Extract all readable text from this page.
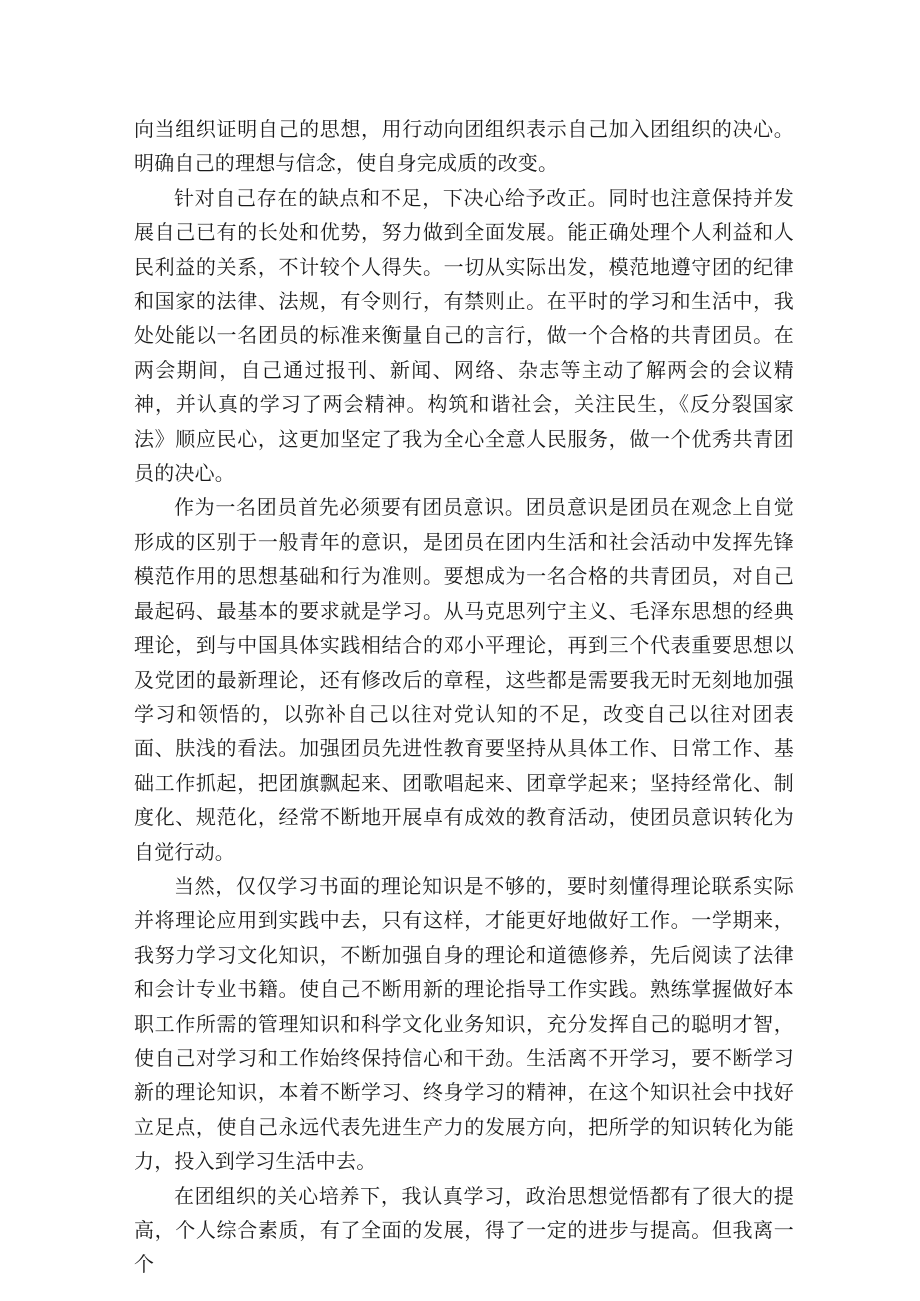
向当组织证明自己的思想，用行动向团组织表示自己加入团组织的决心。明确自己的理想与信念，使自身完成质的改变。

针对自己存在的缺点和不足，下决心给予改正。同时也注意保持并发展自己已有的长处和优势，努力做到全面发展。能正确处理个人利益和人民利益的关系，不计较个人得失。一切从实际出发，模范地遵守团的纪律和国家的法律、法规，有令则行，有禁则止。在平时的学习和生活中，我处处能以一名团员的标准来衡量自己的言行，做一个合格的共青团员。在两会期间，自己通过报刊、新闻、网络、杂志等主动了解两会的会议精神，并认真的学习了两会精神。构筑和谐社会，关注民生，《反分裂国家法》顺应民心，这更加坚定了我为全心全意人民服务，做一个优秀共青团员的决心。

作为一名团员首先必须要有团员意识。团员意识是团员在观念上自觉形成的区别于一般青年的意识，是团员在团内生活和社会活动中发挥先锋模范作用的思想基础和行为准则。要想成为一名合格的共青团员，对自己最起码、最基本的要求就是学习。从马克思列宁主义、毛泽东思想的经典理论，到与中国具体实践相结合的邓小平理论，再到三个代表重要思想以及党团的最新理论，还有修改后的章程，这些都是需要我无时无刻地加强学习和领悟的，以弥补自己以往对党认知的不足，改变自己以往对团表面、肤浅的看法。加强团员先进性教育要坚持从具体工作、日常工作、基础工作抓起，把团旗飘起来、团歌唱起来、团章学起来；坚持经常化、制度化、规范化，经常不断地开展卓有成效的教育活动，使团员意识转化为自觉行动。

当然，仅仅学习书面的理论知识是不够的，要时刻懂得理论联系实际并将理论应用到实践中去，只有这样，才能更好地做好工作。一学期来，我努力学习文化知识，不断加强自身的理论和道德修养，先后阅读了法律和会计专业书籍。使自己不断用新的理论指导工作实践。熟练掌握做好本职工作所需的管理知识和科学文化业务知识，充分发挥自己的聪明才智，使自己对学习和工作始终保持信心和干劲。生活离不开学习，要不断学习新的理论知识，本着不断学习、终身学习的精神，在这个知识社会中找好立足点，使自己永远代表先进生产力的发展方向，把所学的知识转化为能力，投入到学习生活中去。

在团组织的关心培养下，我认真学习，政治思想觉悟都有了很大的提高，个人综合素质，有了全面的发展，得了一定的进步与提高。但我离一个
